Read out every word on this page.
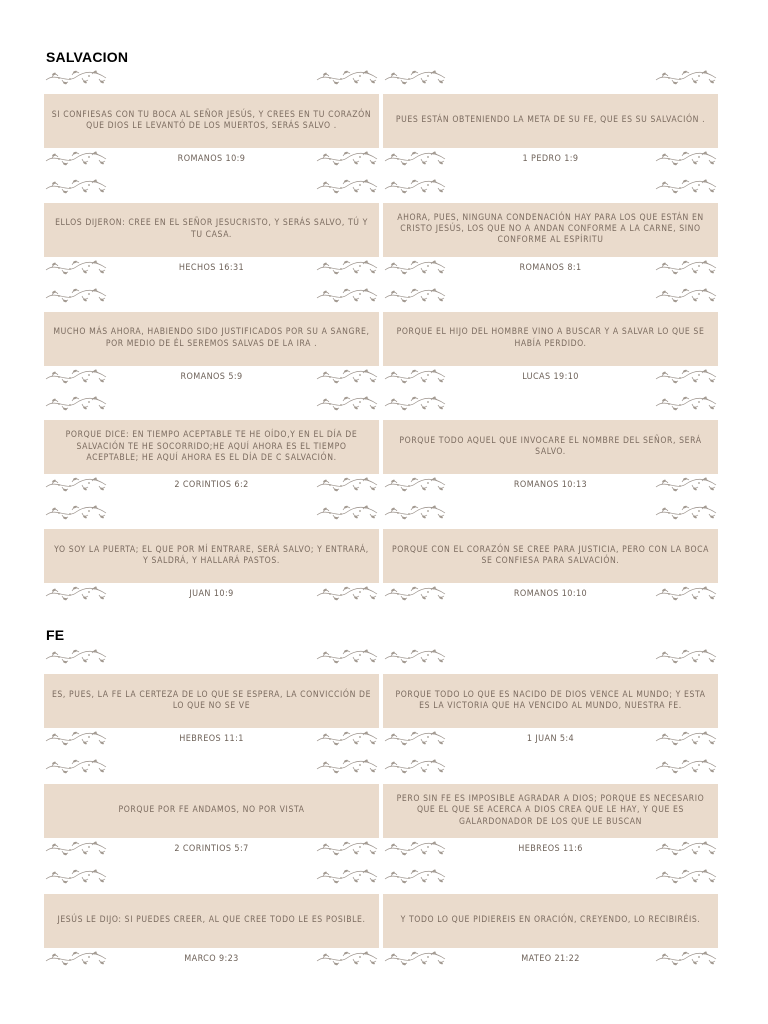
SALVACION
SI CONFIESAS CON TU BOCA AL SEÑOR JESÚS, Y CREES EN TU CORAZÓN QUE DIOS LE LEVANTÓ DE LOS MUERTOS, SERÁS SALVO .
ROMANOS 10:9
PUES ESTÁN OBTENIENDO LA META DE SU FE, QUE ES SU SALVACIÓN .
1 PEDRO 1:9
ELLOS DIJERON: CREE EN EL SEÑOR JESUCRISTO, Y SERÁS SALVO, TÚ Y TU CASA.
HECHOS 16:31
AHORA, PUES, NINGUNA CONDENACIÓN HAY PARA LOS QUE ESTÁN EN CRISTO JESÚS, LOS QUE NO A ANDAN CONFORME A LA CARNE, SINO CONFORME AL ESPÍRITU
ROMANOS 8:1
MUCHO MÁS AHORA, HABIENDO SIDO JUSTIFICADOS POR SU A SANGRE, POR MEDIO DE ÉL SEREMOS SALVAS DE LA IRA .
ROMANOS 5:9
PORQUE EL HIJO DEL HOMBRE VINO A BUSCAR Y A SALVAR LO QUE SE HABÍA PERDIDO.
LUCAS 19:10
PORQUE DICE: EN TIEMPO ACEPTABLE TE HE OÍDO,Y EN EL DÍA DE SALVACIÓN TE HE SOCORRIDO;HE AQUÍ AHORA ES EL TIEMPO ACEPTABLE; HE AQUÍ AHORA ES EL DÍA DE C SALVACIÓN.
2 CORINTIOS 6:2
PORQUE TODO AQUEL QUE INVOCARE EL NOMBRE DEL SEÑOR, SERÁ SALVO.
ROMANOS 10:13
YO SOY LA PUERTA; EL QUE POR MÍ ENTRARE, SERÁ SALVO; Y ENTRARÁ, Y SALDRÁ, Y HALLARÁ PASTOS.
JUAN 10:9
PORQUE CON EL CORAZÓN SE CREE PARA JUSTICIA, PERO CON LA BOCA SE CONFIESA PARA SALVACIÓN.
ROMANOS 10:10
FE
ES, PUES, LA FE LA CERTEZA DE LO QUE SE ESPERA, LA CONVICCIÓN DE LO QUE NO SE VE
HEBREOS 11:1
PORQUE TODO LO QUE ES NACIDO DE DIOS VENCE AL MUNDO; Y ESTA ES LA VICTORIA QUE HA VENCIDO AL MUNDO, NUESTRA FE.
1 JUAN 5:4
PORQUE POR FE ANDAMOS, NO POR VISTA
2 CORINTIOS 5:7
PERO SIN FE ES IMPOSIBLE AGRADAR A DIOS; PORQUE ES NECESARIO QUE EL QUE SE ACERCA A DIOS CREA QUE LE HAY, Y QUE ES GALARDONADOR DE LOS QUE LE BUSCAN
HEBREOS 11:6
JESÚS LE DIJO: SI PUEDES CREER, AL QUE CREE TODO LE ES POSIBLE.
MARCO 9:23
Y TODO LO QUE PIDIEREIS EN ORACIÓN, CREYENDO, LO RECIBIRÉIS.
MATEO 21:22
